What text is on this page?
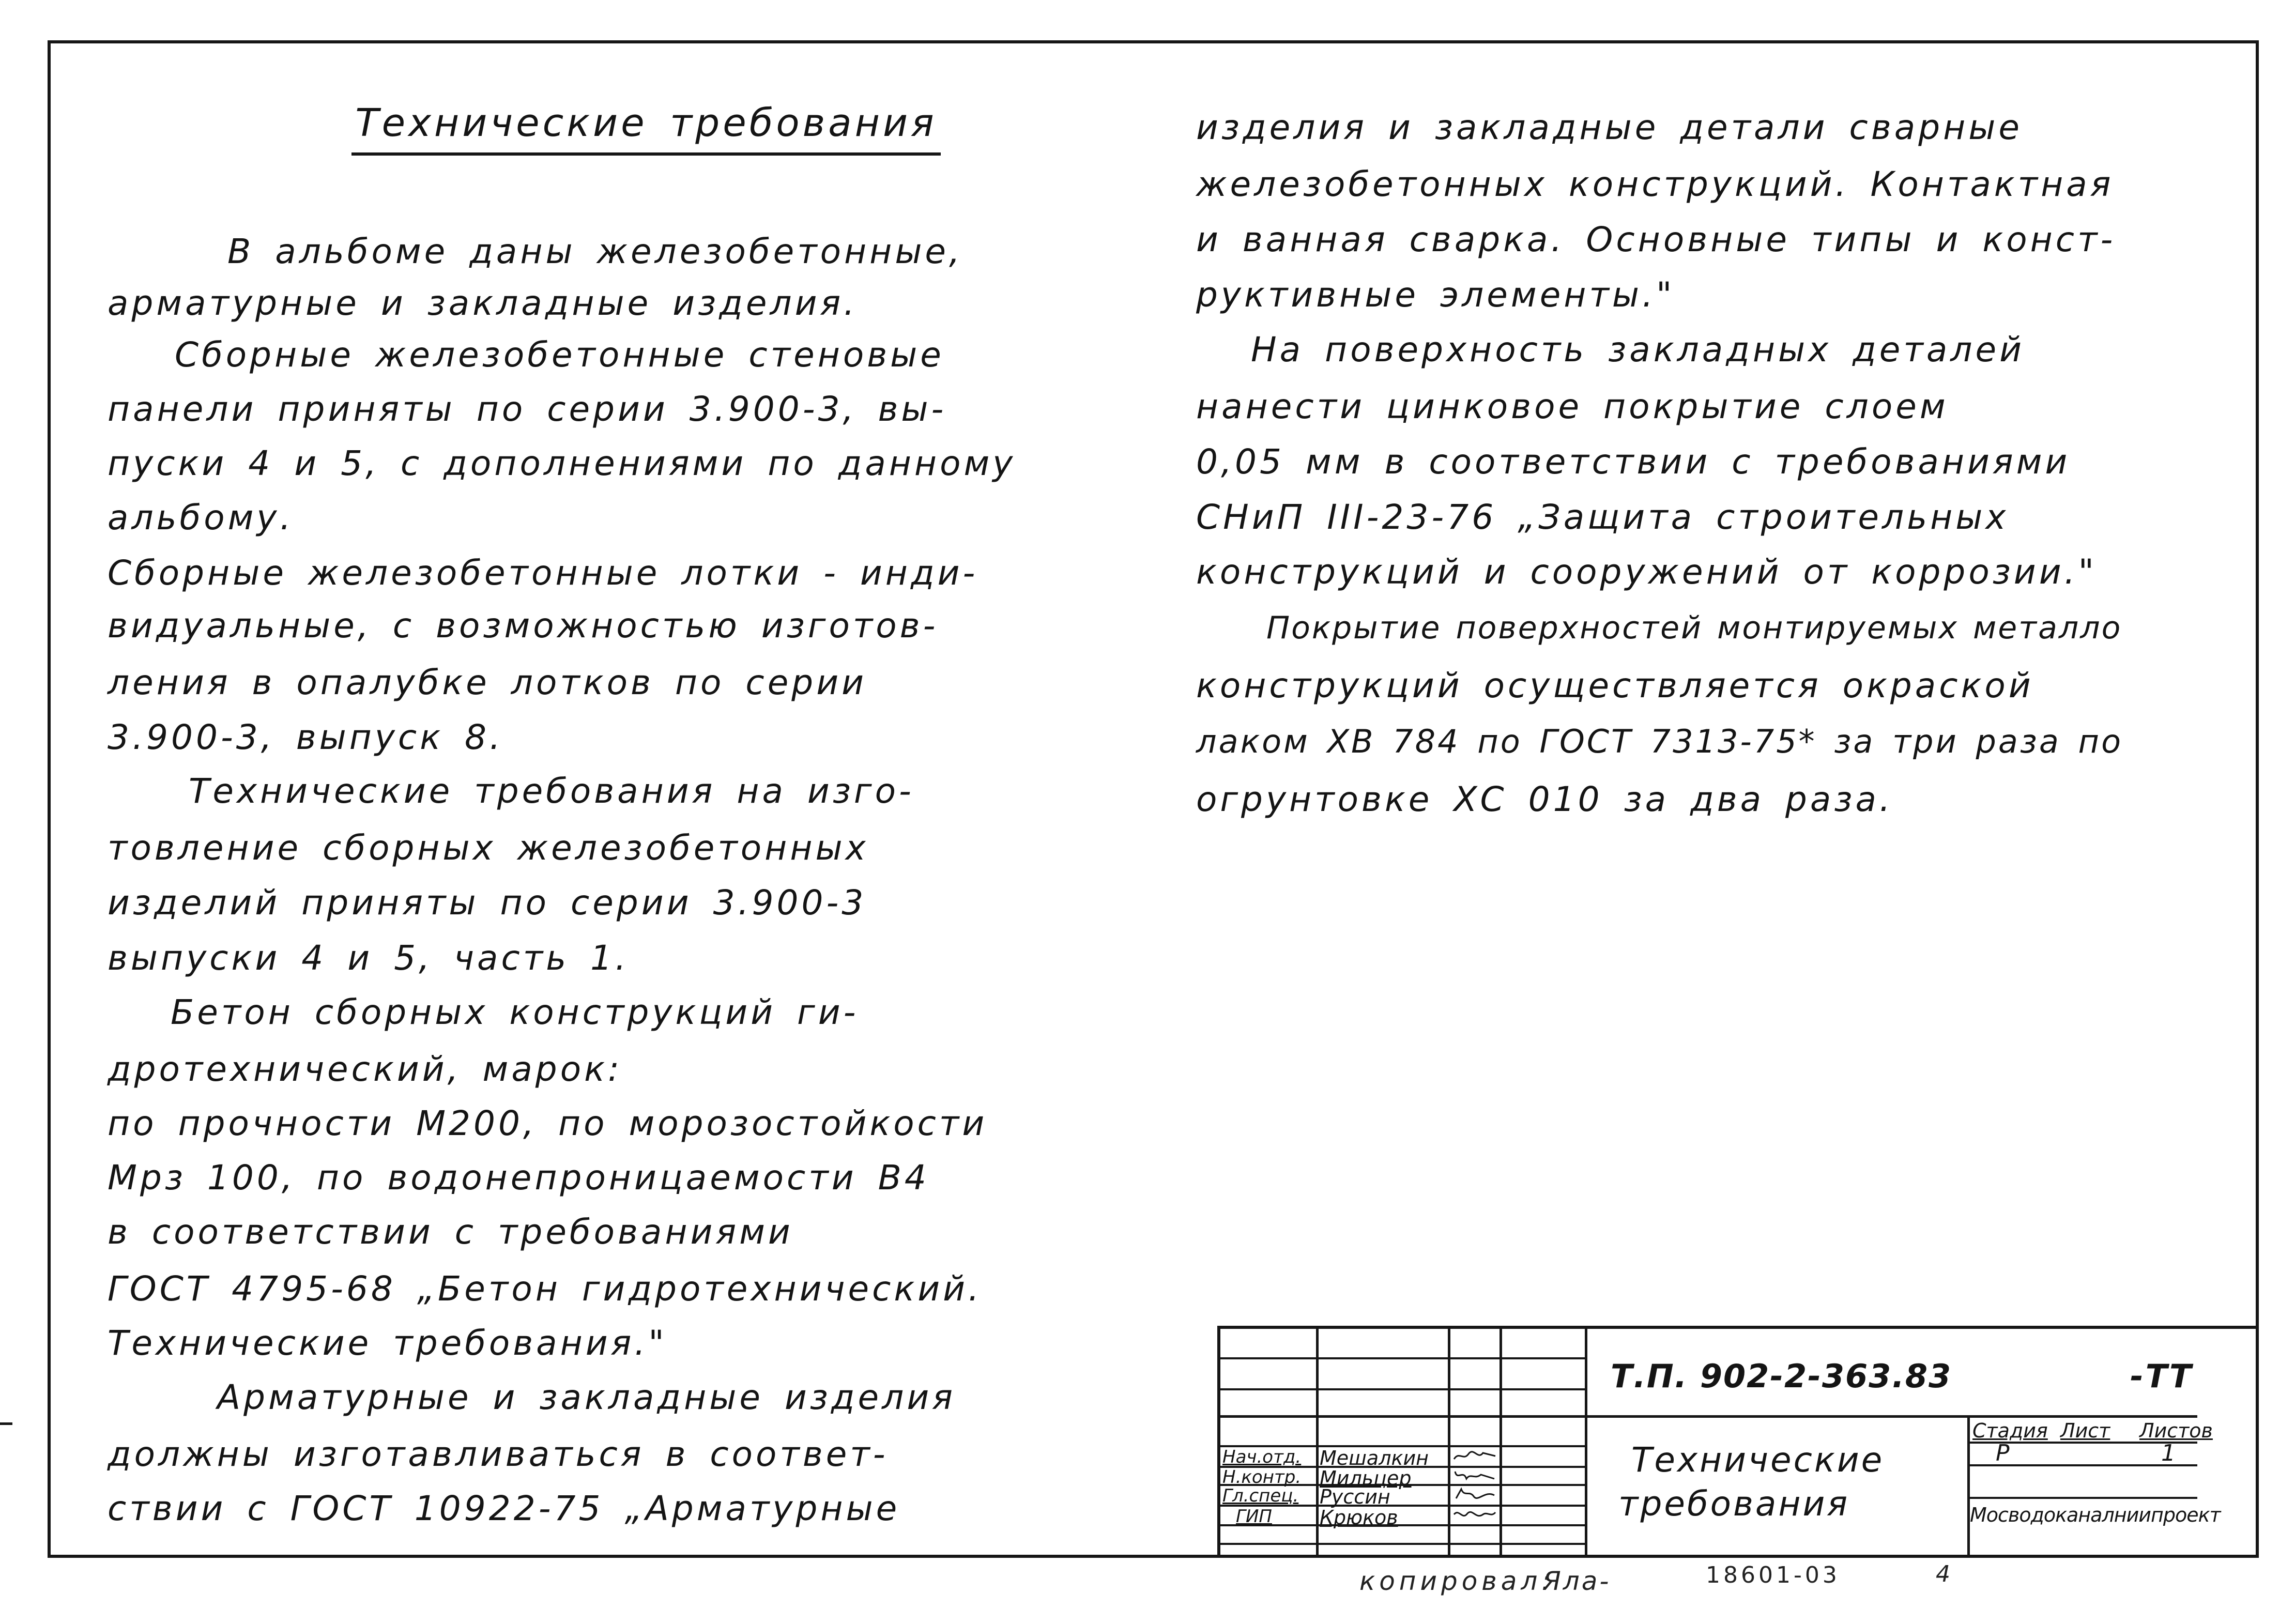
Технические требования
В альбоме даны железобетонные,
арматурные и закладные изделия.
Сборные железобетонные стеновые
панели приняты по серии 3.900-3, вы-
пуски 4 и 5, с дополнениями по данному
альбому.
Сборные железобетонные лотки - инди-
видуальные, с возможностью изготов-
ления в опалубке лотков по серии
3.900-3, выпуск 8.
Технические требования на изго-
товление сборных железобетонных
изделий приняты по серии 3.900-3
выпуски 4 и 5, часть 1.
Бетон сборных конструкций ги-
дротехнический, марок:
по прочности М200, по морозостойкости
Мрз 100, по водонепроницаемости В4
в соответствии с требованиями
ГОСТ 4795-68 „Бетон гидротехнический.
Технические требования."
Арматурные и закладные изделия
должны изготавливаться в соответ-
ствии с ГОСТ 10922-75 „Арматурные
изделия и закладные детали сварные
железобетонных конструкций. Контактная
и ванная сварка. Основные типы и конст-
руктивные элементы."
На поверхность закладных деталей
нанести цинковое покрытие слоем
0,05 мм в соответствии с требованиями
СНиП III-23-76 „Защита строительных
конструкций и сооружений от коррозии."
Покрытие поверхностей монтируемых металло
конструкций осуществляется окраской
лаком ХВ 784 по ГОСТ 7313-75* за три раза по
огрунтовке ХС 010 за два раза.
Т.П. 902-2-363.83	-ТТ
Технические
требования
Стадия Лист Листов
Р	1
Мосводоканалниипроект
Нач.отд. Мешалкин
Н.контр. Мильцер
Гл.спец. Руссин
ГИП Крюков
копировал:
Яла-	18601-03	4
